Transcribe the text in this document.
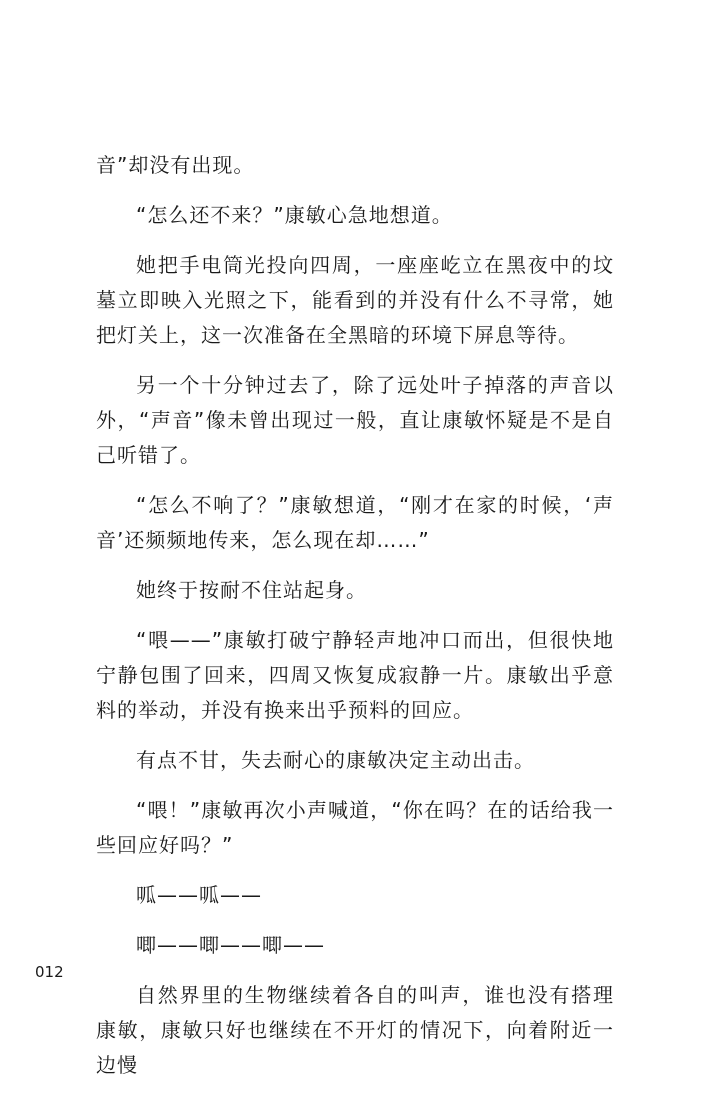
音”却没有出现。

“怎么还不来？”康敏心急地想道。

她把手电筒光投向四周，一座座屹立在黑夜中的坟墓立即映入光照之下，能看到的并没有什么不寻常，她把灯关上，这一次准备在全黑暗的环境下屏息等待。

另一个十分钟过去了，除了远处叶子掉落的声音以外，“声音”像未曾出现过一般，直让康敏怀疑是不是自己听错了。

“怎么不响了？”康敏想道，“刚才在家的时候，‘声音’还频频地传来，怎么现在却……”

她终于按耐不住站起身。

“喂——”康敏打破宁静轻声地冲口而出，但很快地宁静包围了回来，四周又恢复成寂静一片。康敏出乎意料的举动，并没有换来出乎预料的回应。

有点不甘，失去耐心的康敏决定主动出击。

“喂！”康敏再次小声喊道，“你在吗？在的话给我一些回应好吗？”

呱——呱——

唧——唧——唧——

自然界里的生物继续着各自的叫声，谁也没有搭理康敏，康敏只好也继续在不开灯的情况下，向着附近一边慢

012
